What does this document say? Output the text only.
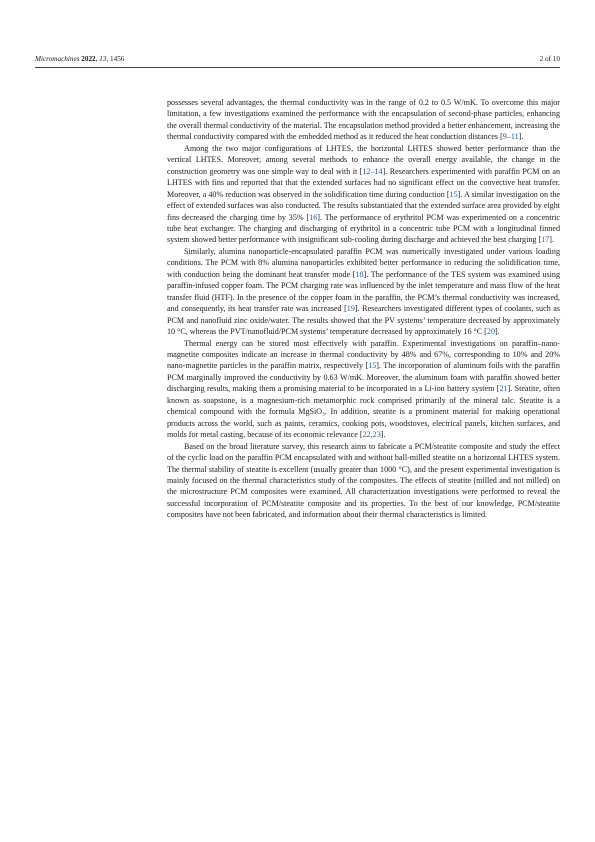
Micromachines 2022, 13, 1456	2 of 10

possesses several advantages, the thermal conductivity was in the range of 0.2 to 0.5 W/mK. To overcome this major limitation, a few investigations examined the performance with the encapsulation of second-phase particles, enhancing the overall thermal conductivity of the material. The encapsulation method provided a better enhancement, increasing the thermal conductivity compared with the embedded method as it reduced the heat conduction distances [9–11].

Among the two major configurations of LHTES, the horizontal LHTES showed better performance than the vertical LHTES. Moreover, among several methods to enhance the overall energy available, the change in the construction geometry was one simple way to deal with it [12–14]. Researchers experimented with paraffin PCM on an LHTES with fins and reported that that the extended surfaces had no significant effect on the convective heat transfer. Moreover, a 40% reduction was observed in the solidification time during conduction [15]. A similar investigation on the effect of extended surfaces was also conducted. The results substantiated that the extended surface area provided by eight fins decreased the charging time by 35% [16]. The performance of erythritol PCM was experimented on a concentric tube heat exchanger. The charging and discharging of erythritol in a concentric tube PCM with a longitudinal finned system showed better performance with insignificant sub-cooling during discharge and achieved the best charging [17].

Similarly, alumina nanoparticle-encapsulated paraffin PCM was numerically investigated under various loading conditions. The PCM with 8% alumina nanoparticles exhibited better performance in reducing the solidification time, with conduction being the dominant heat transfer mode [18]. The performance of the TES system was examined using paraffin-infused copper foam. The PCM charging rate was influenced by the inlet temperature and mass flow of the heat transfer fluid (HTF). In the presence of the copper foam in the paraffin, the PCM’s thermal conductivity was increased, and consequently, its heat transfer rate was increased [19]. Researchers investigated different types of coolants, such as PCM and nanofluid zinc oxide/water. The results showed that the PV systems’ temperature decreased by approximately 10 °C, whereas the PVT/nanofluid/PCM systems’ temperature decreased by approximately 16 °C [20].

Thermal energy can be stored most effectively with paraffin. Experimental investigations on paraffin–nano-magnetite composites indicate an increase in thermal conductivity by 48% and 67%, corresponding to 10% and 20% nano-magnetite particles in the paraffin matrix, respectively [15]. The incorporation of aluminum foils with the paraffin PCM marginally improved the conductivity by 0.63 W/mK. Moreover, the aluminum foam with paraffin showed better discharging results, making them a promising material to be incorporated in a Li-ion battery system [21]. Steatite, often known as soapstone, is a magnesium-rich metamorphic rock comprised primarily of the mineral talc. Steatite is a chemical compound with the formula MgSiO₃. In addition, steatite is a prominent material for making operational products across the world, such as paints, ceramics, cooking pots, woodstoves, electrical panels, kitchen surfaces, and molds for metal casting, because of its economic relevance [22,23].

Based on the broad literature survey, this research aims to fabricate a PCM/steatite composite and study the effect of the cyclic load on the paraffin PCM encapsulated with and without ball-milled steatite on a horizontal LHTES system. The thermal stability of steatite is excellent (usually greater than 1000 °C), and the present experimental investigation is mainly focused on the thermal characteristics study of the composites. The effects of steatite (milled and not milled) on the microstructure PCM composites were examined. All characterization investigations were performed to reveal the successful incorporation of PCM/steatite composite and its properties. To the best of our knowledge, PCM/steatite composites have not been fabricated, and information about their thermal characteristics is limited.
